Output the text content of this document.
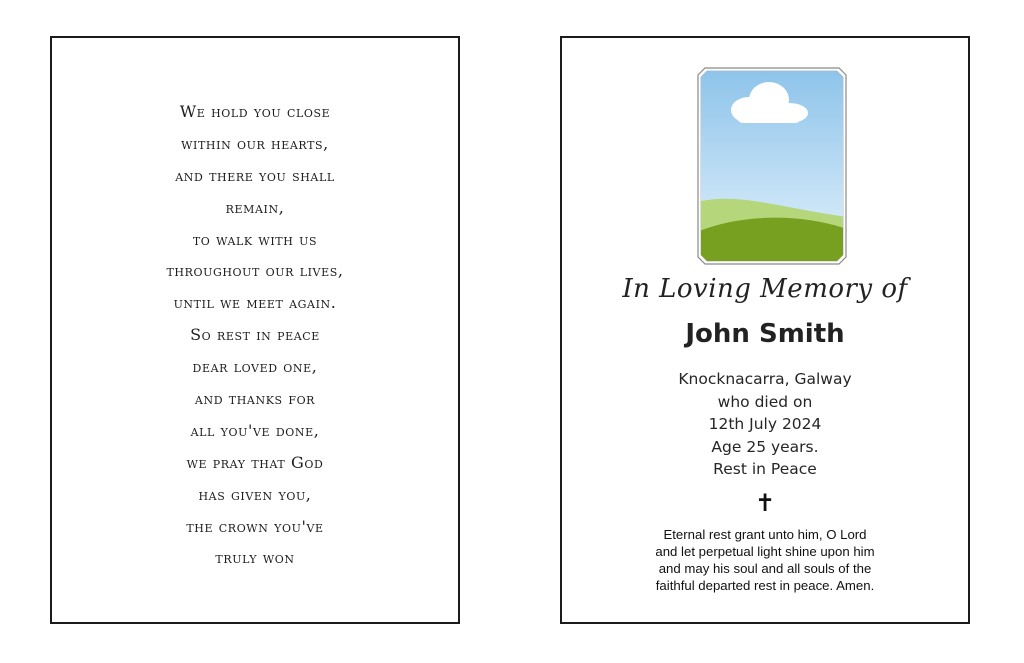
We hold you close
within our hearts,
and there you shall
remain,
to walk with us
throughout our lives,
until we meet again.
So rest in peace
dear loved one,
and thanks for
all you've done,
we pray that God
has given you,
the crown you've
truly won
In Loving Memory of
John Smith
Knocknacarra, Galway
who died on
12th July 2024
Age 25 years.
Rest in Peace
✝
Eternal rest grant unto him, O Lord
and let perpetual light shine upon him
and may his soul and all souls of the
faithful departed rest in peace. Amen.
